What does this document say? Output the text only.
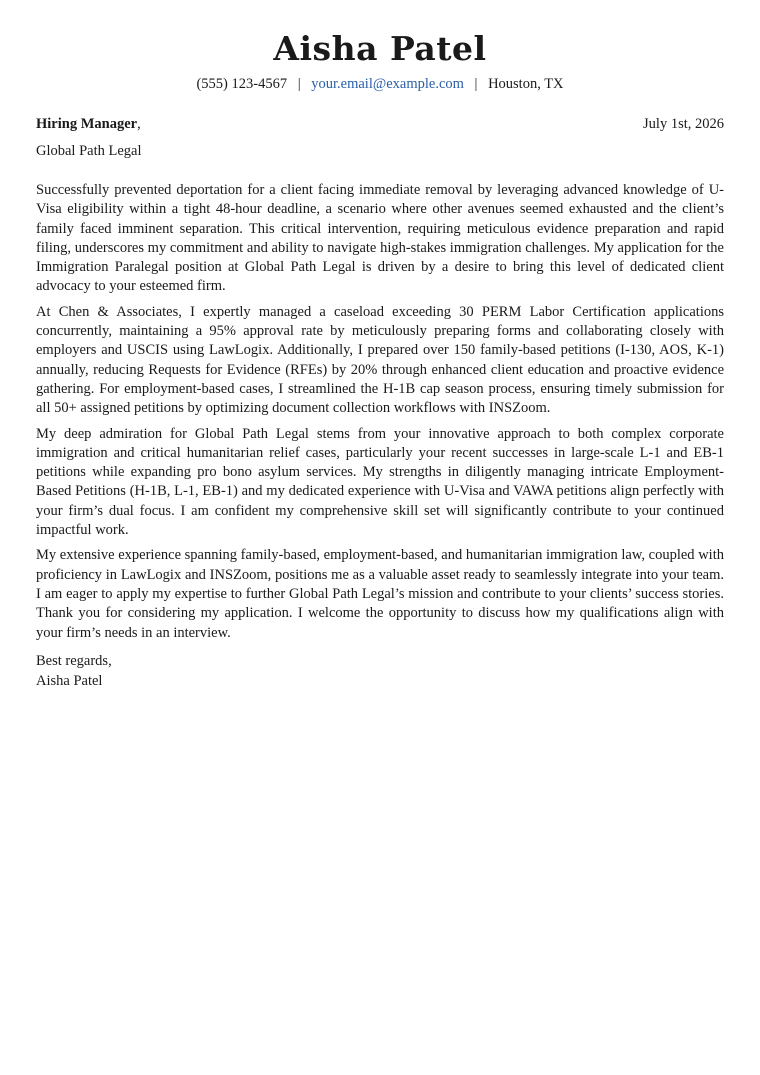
Aisha Patel
(555) 123-4567 | your.email@example.com | Houston, TX
Hiring Manager,	July 1st, 2026
Global Path Legal

Successfully prevented deportation for a client facing immediate removal by leveraging advanced knowledge of U-Visa eligibility within a tight 48-hour deadline, a scenario where other avenues seemed exhausted and the client’s family faced imminent separation. This critical intervention, requiring meticulous evidence preparation and rapid filing, underscores my commitment and ability to navigate high-stakes immigration challenges. My application for the Immigration Paralegal position at Global Path Legal is driven by a desire to bring this level of dedicated client advocacy to your esteemed firm.

At Chen & Associates, I expertly managed a caseload exceeding 30 PERM Labor Certification applications concurrently, maintaining a 95% approval rate by meticulously preparing forms and collaborating closely with employers and USCIS using LawLogix. Additionally, I prepared over 150 family-based petitions (I-130, AOS, K-1) annually, reducing Requests for Evidence (RFEs) by 20% through enhanced client education and proactive evidence gathering. For employment-based cases, I streamlined the H-1B cap season process, ensuring timely submission for all 50+ assigned petitions by optimizing document collection workflows with INSZoom.

My deep admiration for Global Path Legal stems from your innovative approach to both complex corporate immigration and critical humanitarian relief cases, particularly your recent successes in large-scale L-1 and EB-1 petitions while expanding pro bono asylum services. My strengths in diligently managing intricate Employment-Based Petitions (H-1B, L-1, EB-1) and my dedicated experience with U-Visa and VAWA petitions align perfectly with your firm’s dual focus. I am confident my comprehensive skill set will significantly contribute to your continued impactful work.

My extensive experience spanning family-based, employment-based, and humanitarian immigration law, coupled with proficiency in LawLogix and INSZoom, positions me as a valuable asset ready to seamlessly integrate into your team. I am eager to apply my expertise to further Global Path Legal’s mission and contribute to your clients’ success stories. Thank you for considering my application. I welcome the opportunity to discuss how my qualifications align with your firm’s needs in an interview.

Best regards,
Aisha Patel
